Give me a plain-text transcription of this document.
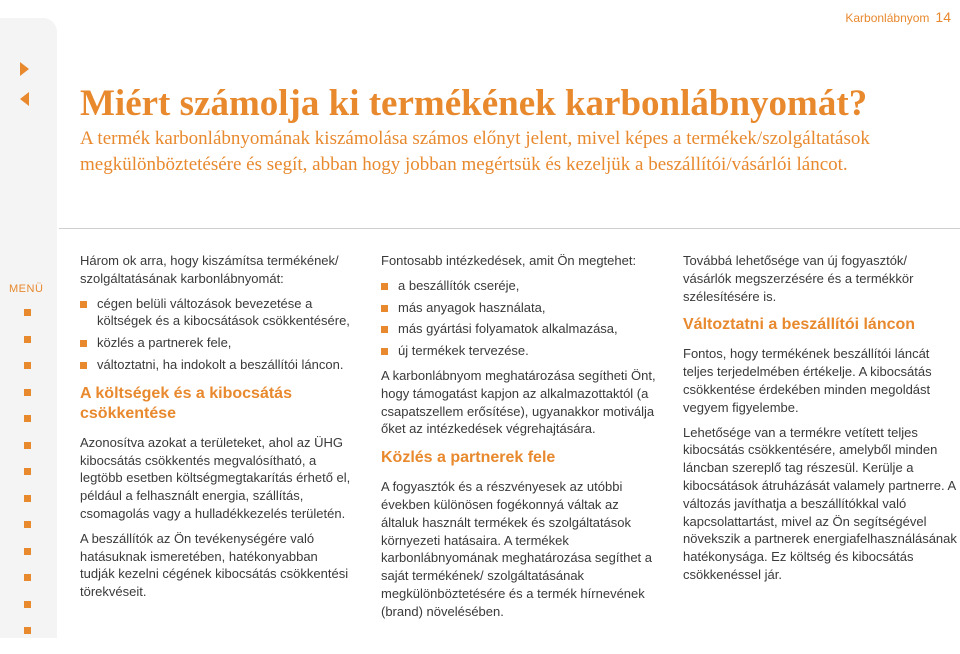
Karbonlábnyom 14
MENÜ
Miért számolja ki termékének karbonlábnyomát?

A termék karbonlábnyomának kiszámolása számos előnyt jelent, mivel képes a termékek/szolgáltatások megkülönböztetésére és segít, abban hogy jobban megértsük és kezeljük a beszállítói/vásárlói láncot.

Három ok arra, hogy kiszámítsa termékének/ szolgáltatásának karbonlábnyomát:

cégen belüli változások bevezetése a költségek és a kibocsátások csökkentésére,
közlés a partnerek fele,
változtatni, ha indokolt a beszállítói láncon.
A költségek és a kibocsátás csökkentése

Azonosítva azokat a területeket, ahol az ÜHG kibocsátás csökkentés megvalósítható, a legtöbb esetben költségmegtakarítás érhető el, például a felhasznált energia, szállítás, csomagolás vagy a hulladékkezelés területén.

A beszállítók az Ön tevékenységére való hatásuknak ismeretében, hatékonyabban tudják kezelni cégének kibocsátás csökkentési törekvéseit.

Fontosabb intézkedések, amit Ön megtehet:

a beszállítók cseréje,
más anyagok használata,
más gyártási folyamatok alkalmazása,
új termékek tervezése.

A karbonlábnyom meghatározása segítheti Önt, hogy támogatást kapjon az alkalmazottaktól (a csapatszellem erősítése), ugyanakkor motiválja őket az intézkedések végrehajtására.

Közlés a partnerek fele

A fogyasztók és a részvényesek az utóbbi években különösen fogékonnyá váltak az általuk használt termékek és szolgáltatások környezeti hatásaira. A termékek karbonlábnyomának meghatározása segíthet a saját termékének/ szolgáltatásának megkülönböztetésére és a termék hírnevének (brand) növelésében.

Továbbá lehetősége van új fogyasztók/ vásárlók megszerzésére és a termékkör szélesítésére is.

Változtatni a beszállítói láncon

Fontos, hogy termékének beszállítói láncát teljes terjedelmében értékelje. A kibocsátás csökkentése érdekében minden megoldást vegyem figyelembe.

Lehetősége van a termékre vetített teljes kibocsátás csökkentésére, amelyből minden láncban szereplő tag részesül. Kerülje a kibocsátások átruházását valamely partnerre. A változás javíthatja a beszállítókkal való kapcsolattartást, mivel az Ön segítségével növekszik a partnerek energiafelhasználásának hatékonysága. Ez költség és kibocsátás csökkenéssel jár.
